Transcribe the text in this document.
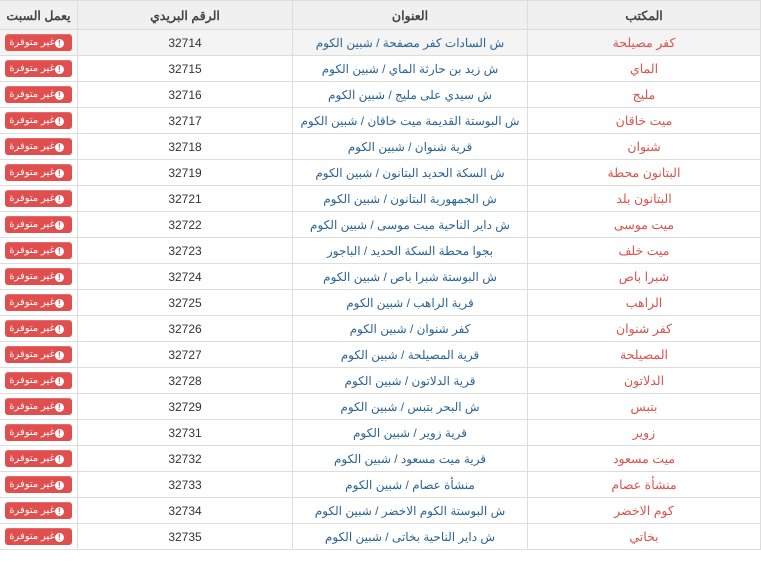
المكتب	العنوان	الرقم البريدي	يعمل السبت
كفر مصيلحة	ش السادات كفر مصفحة / شبين الكوم	32714	!غير متوفرة
الماي	ش زيد بن حارثة الماي / شبين الكوم	32715	!غير متوفرة
مليج	ش سيدي على مليج / شبين الكوم	32716	!غير متوفرة
ميت خاقان	ش البوستة القديمة ميت خاقان / شبين الكوم	32717	!غير متوفرة
شنوان	قرية شنوان / شبين الكوم	32718	!غير متوفرة
البتانون محطة	ش السكة الحديد البتانون / شبين الكوم	32719	!غير متوفرة
البتانون بلد	ش الجمهورية البتانون / شبين الكوم	32721	!غير متوفرة
ميت موسى	ش داير الناحية ميت موسى / شبين الكوم	32722	!غير متوفرة
ميت خلف	بجوا محطة السكة الحديد / الباجور	32723	!غير متوفرة
شبرا باص	ش البوستة شبرا باص / شبين الكوم	32724	!غير متوفرة
الراهب	قرية الراهب / شبين الكوم	32725	!غير متوفرة
كفر شنوان	كفر شنوان / شبين الكوم	32726	!غير متوفرة
المصيلحة	قرية المصيلحة / شبين الكوم	32727	!غير متوفرة
الدلاتون	قرية الدلاتون / شبين الكوم	32728	!غير متوفرة
بتبس	ش البحر بتبس / شبين الكوم	32729	!غير متوفرة
زوير	قرية زوير / شبين الكوم	32731	!غير متوفرة
ميت مسعود	قرية ميت مسعود / شبين الكوم	32732	!غير متوفرة
منشأة عصام	منشأة عصام / شبين الكوم	32733	!غير متوفرة
كوم الاخضر	ش البوستة الكوم الاخضر / شبين الكوم	32734	!غير متوفرة
بخاتي	ش داير الناحية بخاتى / شبين الكوم	32735	!غير متوفرة
